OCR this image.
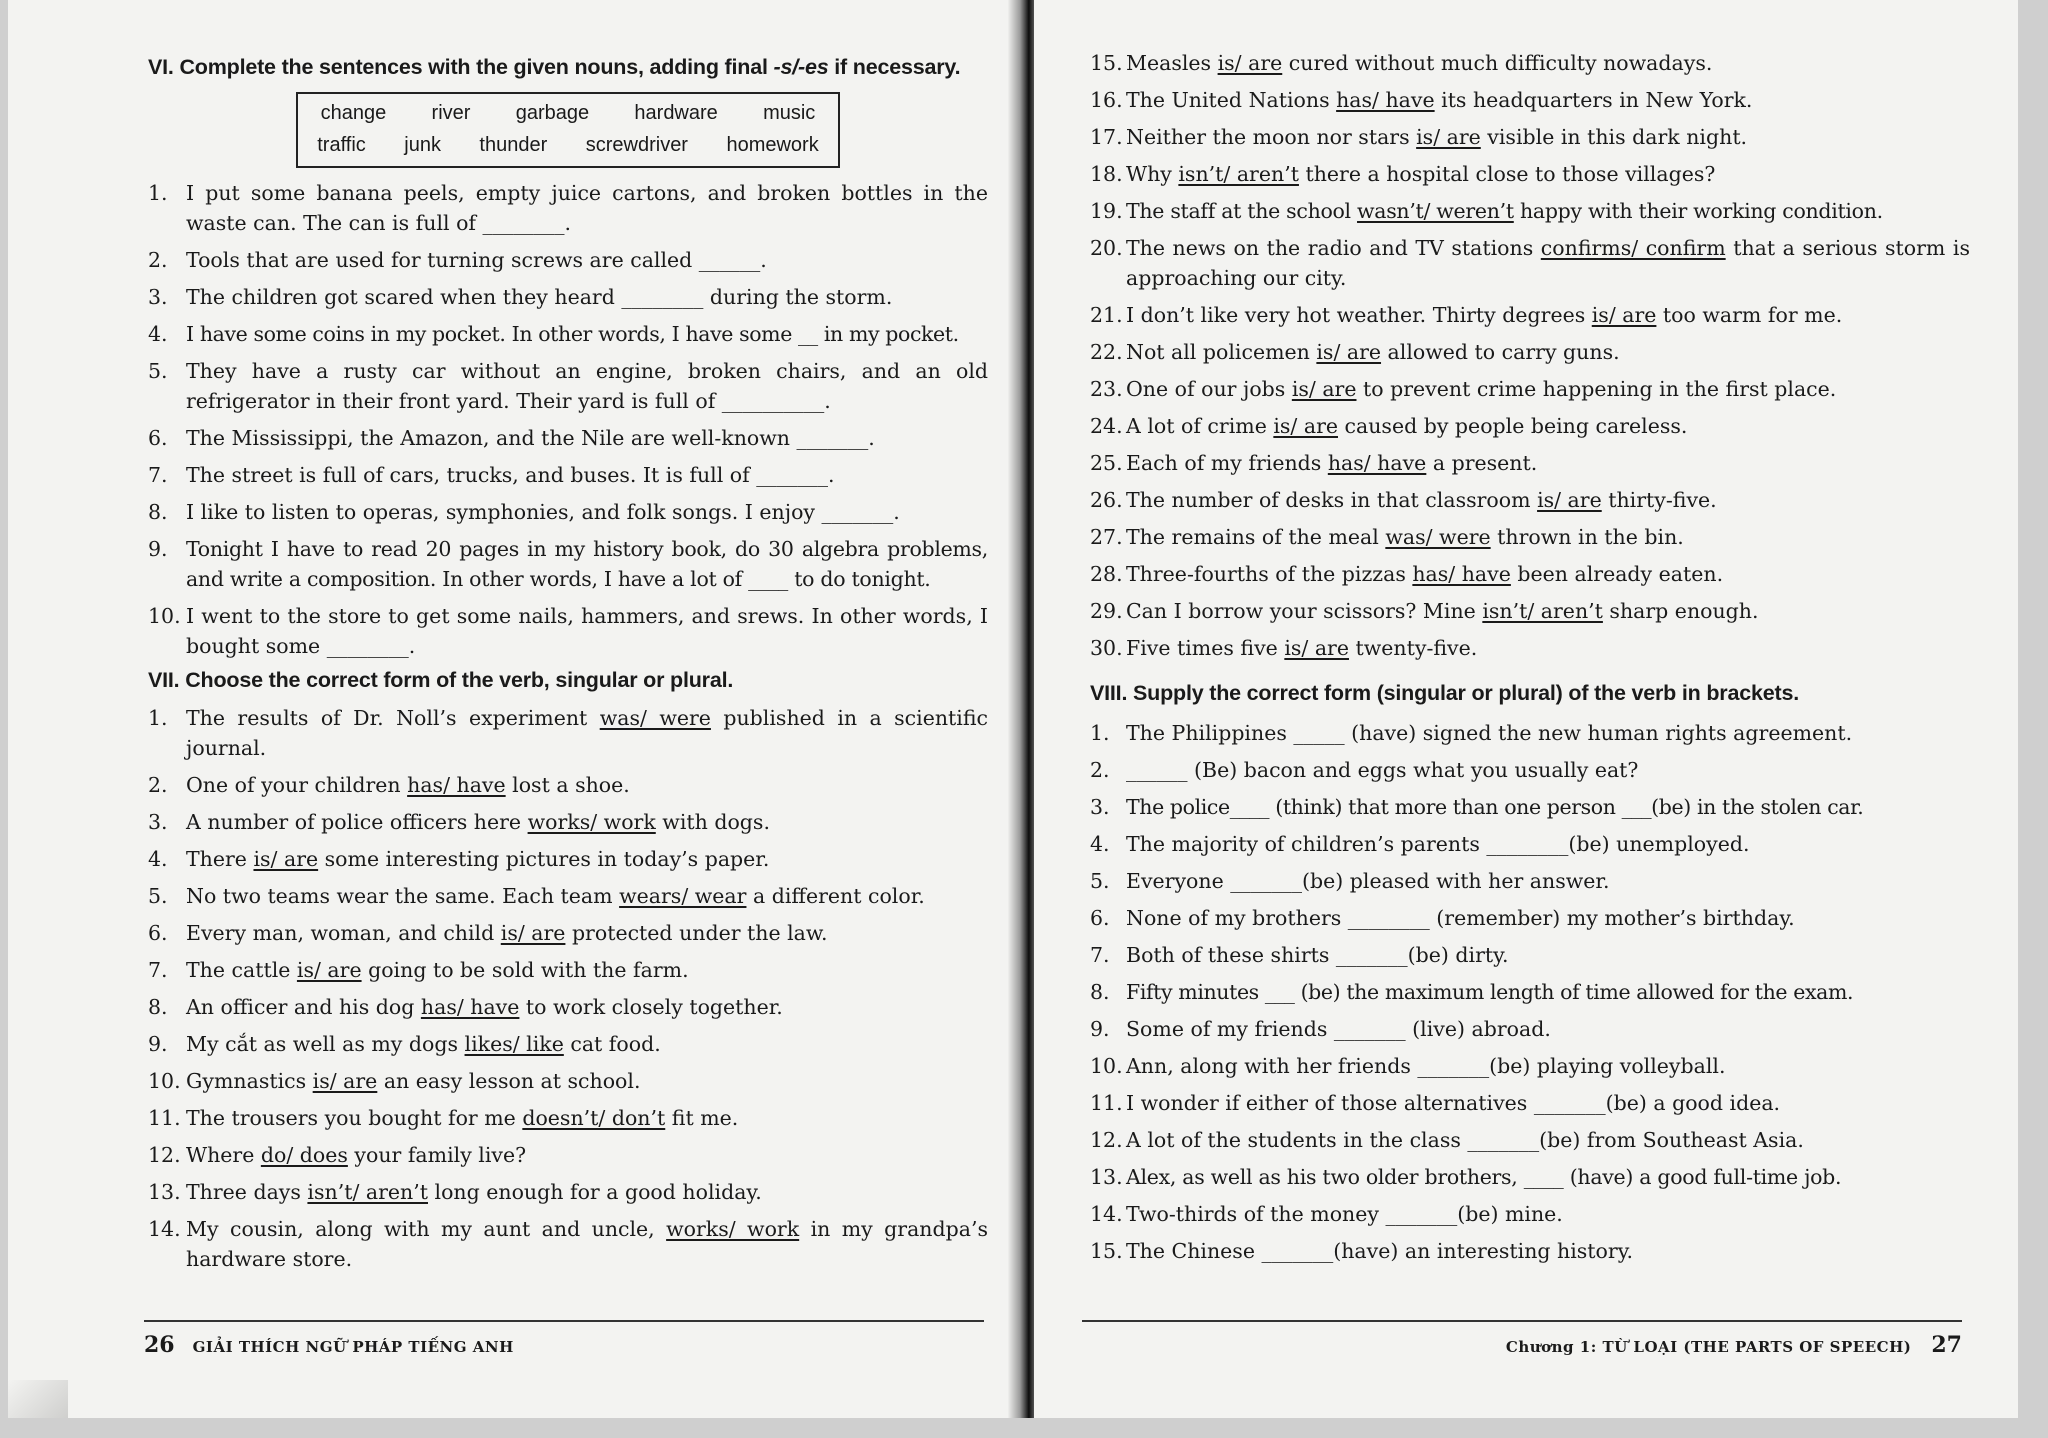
VI. Complete the sentences with the given nouns, adding final -s/-es if necessary.

change river garbage hardware music
traffic junk thunder screwdriver homework
1. I put some banana peels, empty juice cartons, and broken bottles in the waste can. The can is full of ________.
2. Tools that are used for turning screws are called ______.
3. The children got scared when they heard ________ during the storm.
4. I have some coins in my pocket. In other words, I have some __ in my pocket.
5. They have a rusty car without an engine, broken chairs, and an old refrigerator in their front yard. Their yard is full of __________.
6. The Mississippi, the Amazon, and the Nile are well-known _______.
7. The street is full of cars, trucks, and buses. It is full of _______.
8. I like to listen to operas, symphonies, and folk songs. I enjoy _______.
9. Tonight I have to read 20 pages in my history book, do 30 algebra problems, and write a composition. In other words, I have a lot of ____ to do tonight.
10. I went to the store to get some nails, hammers, and srews. In other words, I bought some ________.

VII. Choose the correct form of the verb, singular or plural.

1. The results of Dr. Noll’s experiment was/ were published in a scientific journal.
2. One of your children has/ have lost a shoe.
3. A number of police officers here works/ work with dogs.
4. There is/ are some interesting pictures in today’s paper.
5. No two teams wear the same. Each team wears/ wear a different color.
6. Every man, woman, and child is/ are protected under the law.
7. The cattle is/ are going to be sold with the farm.
8. An officer and his dog has/ have to work closely together.
9. My cắt as well as my dogs likes/ like cat food.
10. Gymnastics is/ are an easy lesson at school.
11. The trousers you bought for me doesn’t/ don’t fit me.
12. Where do/ does your family live?
13. Three days isn’t/ aren’t long enough for a good holiday.
14. My cousin, along with my aunt and uncle, works/ work in my grandpa’s hardware store.
26 GIẢI THÍCH NGỮ PHÁP TIẾNG ANH
15. Measles is/ are cured without much difficulty nowadays.
16. The United Nations has/ have its headquarters in New York.
17. Neither the moon nor stars is/ are visible in this dark night.
18. Why isn’t/ aren’t there a hospital close to those villages?
19. The staff at the school wasn’t/ weren’t happy with their working condition.
20. The news on the radio and TV stations confirms/ confirm that a serious storm is approaching our city.
21. I don’t like very hot weather. Thirty degrees is/ are too warm for me.
22. Not all policemen is/ are allowed to carry guns.
23. One of our jobs is/ are to prevent crime happening in the first place.
24. A lot of crime is/ are caused by people being careless.
25. Each of my friends has/ have a present.
26. The number of desks in that classroom is/ are thirty-five.
27. The remains of the meal was/ were thrown in the bin.
28. Three-fourths of the pizzas has/ have been already eaten.
29. Can I borrow your scissors? Mine isn’t/ aren’t sharp enough.
30. Five times five is/ are twenty-five.

VIII. Supply the correct form (singular or plural) of the verb in brackets.

1. The Philippines _____ (have) signed the new human rights agreement.
2. ______ (Be) bacon and eggs what you usually eat?
3. The police____ (think) that more than one person ___(be) in the stolen car.
4. The majority of children’s parents ________(be) unemployed.
5. Everyone _______(be) pleased with her answer.
6. None of my brothers ________ (remember) my mother’s birthday.
7. Both of these shirts _______(be) dirty.
8. Fifty minutes ___ (be) the maximum length of time allowed for the exam.
9. Some of my friends _______ (live) abroad.
10. Ann, along with her friends _______(be) playing volleyball.
11. I wonder if either of those alternatives _______(be) a good idea.
12. A lot of the students in the class _______(be) from Southeast Asia.
13. Alex, as well as his two older brothers, ____ (have) a good full-time job.
14. Two-thirds of the money _______(be) mine.
15. The Chinese _______(have) an interesting history.
Chương 1: TỪ LOẠI (THE PARTS OF SPEECH) 27
